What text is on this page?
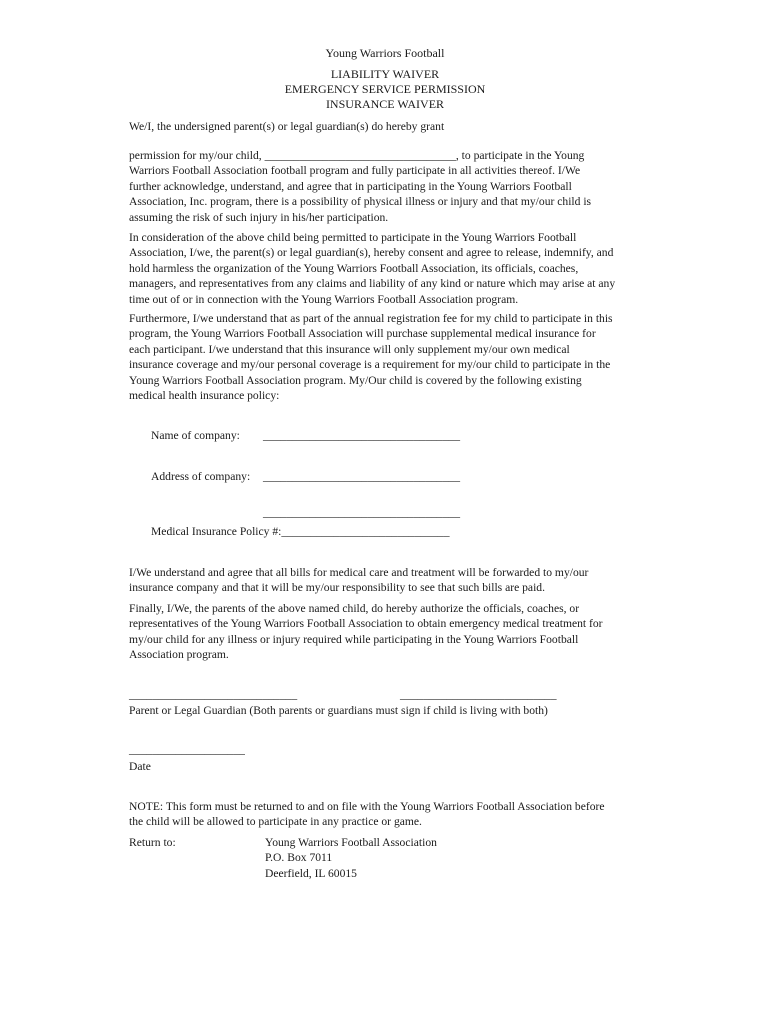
Young Warriors Football
LIABILITY WAIVER
EMERGENCY SERVICE PERMISSION
INSURANCE WAIVER
We/I, the undersigned parent(s) or legal guardian(s) do hereby grant
permission for my/our child, _________________________________, to participate in the Young
Warriors Football Association football program and fully participate in all activities thereof. I/We
further acknowledge, understand, and agree that in participating in the Young Warriors Football
Association, Inc. program, there is a possibility of physical illness or injury and that my/our child is
assuming the risk of such injury in his/her participation.
In consideration of the above child being permitted to participate in the Young Warriors Football
Association, I/we, the parent(s) or legal guardian(s), hereby consent and agree to release, indemnify, and
hold harmless the organization of the Young Warriors Football Association, its officials, coaches,
managers, and representatives from any claims and liability of any kind or nature which may arise at any
time out of or in connection with the Young Warriors Football Association program.
Furthermore, I/we understand that as part of the annual registration fee for my child to participate in this
program, the Young Warriors Football Association will purchase supplemental medical insurance for
each participant. I/we understand that this insurance will only supplement my/our own medical
insurance coverage and my/our personal coverage is a requirement for my/our child to participate in the
Young Warriors Football Association program. My/Our child is covered by the following existing
medical health insurance policy:
Name of company: __________________________________
Address of company: __________________________________
__________________________________
Medical Insurance Policy #:_____________________________
I/We understand and agree that all bills for medical care and treatment will be forwarded to my/our
insurance company and that it will be my/our responsibility to see that such bills are paid.
Finally, I/We, the parents of the above named child, do hereby authorize the officials, coaches, or
representatives of the Young Warriors Football Association to obtain emergency medical treatment for
my/our child for any illness or injury required while participating in the Young Warriors Football
Association program.
_____________________________	___________________________
Parent or Legal Guardian (Both parents or guardians must sign if child is living with both)
____________________
Date
NOTE: This form must be returned to and on file with the Young Warriors Football Association before
the child will be allowed to participate in any practice or game.
Return to:	Young Warriors Football Association
P.O. Box 7011
Deerfield, IL 60015
